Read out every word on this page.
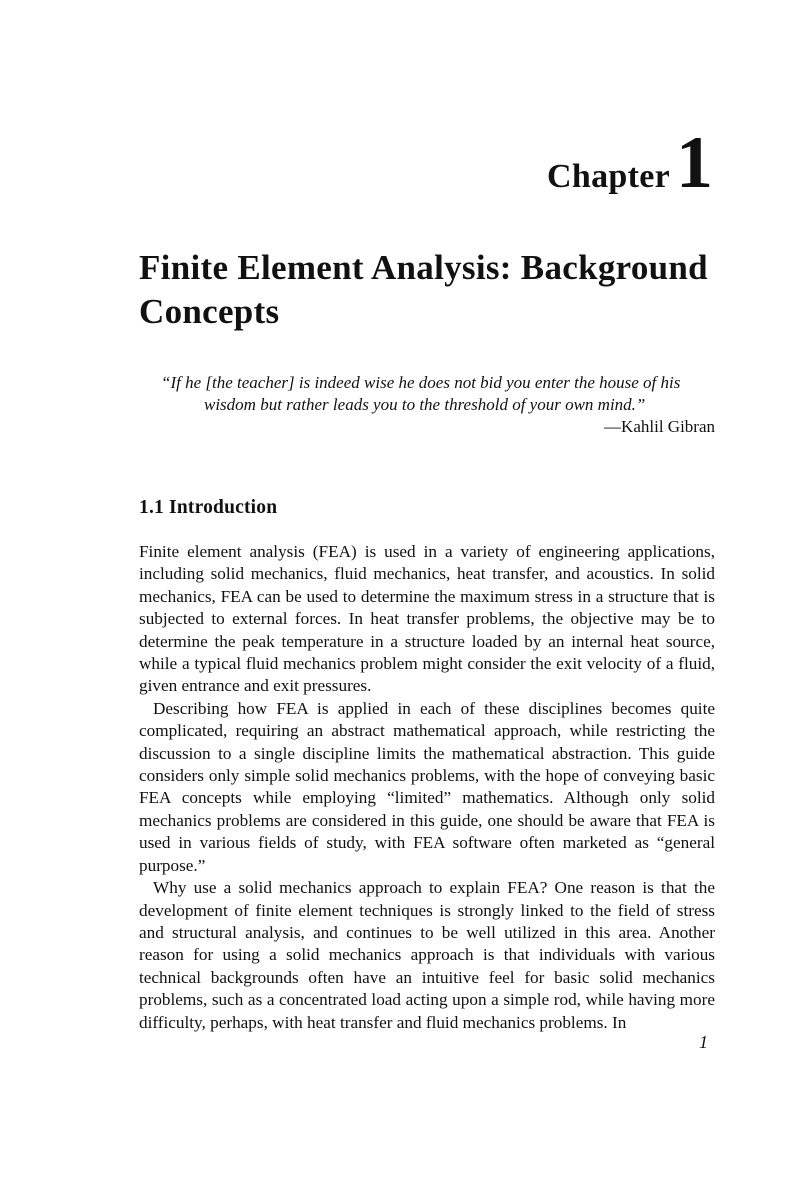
Chapter1
Finite Element Analysis: Background Concepts
“If he [the teacher] is indeed wise he does not bid you enter the house of his
wisdom but rather leads you to the threshold of your own mind.”
—Kahlil Gibran
1.1 Introduction

Finite element analysis (FEA) is used in a variety of engineering applications, including solid mechanics, fluid mechanics, heat transfer, and acoustics. In solid mechanics, FEA can be used to determine the maximum stress in a structure that is subjected to external forces. In heat transfer problems, the objective may be to determine the peak temperature in a structure loaded by an internal heat source, while a typical fluid mechanics problem might consider the exit velocity of a fluid, given entrance and exit pressures.

Describing how FEA is applied in each of these disciplines becomes quite complicated, requiring an abstract mathematical approach, while restricting the discussion to a single discipline limits the mathematical abstraction. This guide considers only simple solid mechanics problems, with the hope of conveying basic FEA concepts while employing “limited” mathematics. Although only solid mechanics problems are considered in this guide, one should be aware that FEA is used in various fields of study, with FEA software often marketed as “general purpose.”

Why use a solid mechanics approach to explain FEA? One reason is that the development of finite element techniques is strongly linked to the field of stress and structural analysis, and continues to be well utilized in this area. Another reason for using a solid mechanics approach is that individuals with various technical backgrounds often have an intuitive feel for basic solid mechanics problems, such as a concentrated load acting upon a simple rod, while having more difficulty, perhaps, with heat transfer and fluid mechanics problems. In

1
